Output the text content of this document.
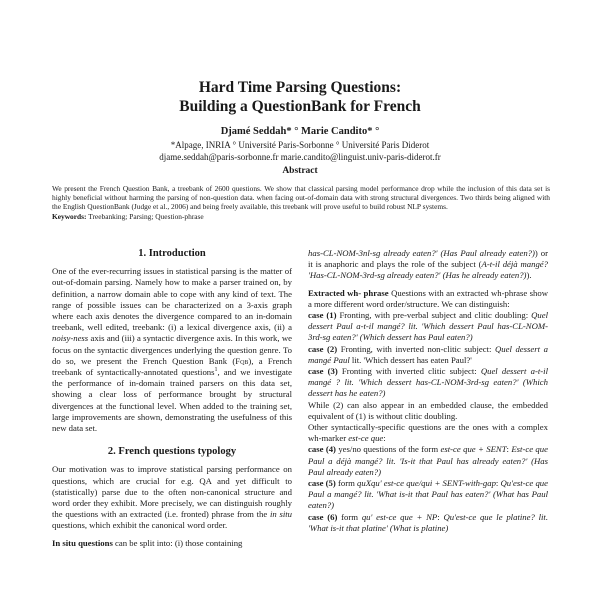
Hard Time Parsing Questions:
Building a QuestionBank for French
Djamé Seddah* ° Marie Candito* °
*Alpage, INRIA ° Université Paris-Sorbonne ° Université Paris Diderot
djame.seddah@paris-sorbonne.fr marie.candito@linguist.univ-paris-diderot.fr
Abstract

We present the French Question Bank, a treebank of 2600 questions. We show that classical parsing model performance drop while the inclusion of this data set is highly beneficial without harming the parsing of non-question data. when facing out-of-domain data with strong structural divergences. Two thirds being aligned with the English QuestionBank (Judge et al., 2006) and being freely available, this treebank will prove useful to build robust NLP systems.

Keywords: Treebanking; Parsing; Question-phrase

1. Introduction

One of the ever-recurring issues in statistical parsing is the matter of out-of-domain parsing. Namely how to make a parser trained on, by definition, a narrow domain able to cope with any kind of text. The range of possible issues can be characterized on a 3-axis graph where each axis denotes the divergence compared to an in-domain treebank, well edited, treebank: (i) a lexical divergence axis, (ii) a noisy-ness axis and (iii) a syntactic divergence axis. In this work, we focus on the syntactic divergences underlying the question genre. To do so, we present the French Question Bank (Fqb), a French treebank of syntactically-annotated questions$^1$, and we investigate the performance of in-domain trained parsers on this data set, showing a clear loss of performance brought by structural divergences at the functional level. When added to the training set, large improvements are shown, demonstrating the usefulness of this new data set.

2. French questions typology

Our motivation was to improve statistical parsing performance on questions, which are crucial for e.g. QA and yet difficult to (statistically) parse due to the often non-canonical structure and word order they exhibit. More precisely, we can distinguish roughly the questions with an extracted (i.e. fronted) phrase from the in situ questions, which exhibit the canonical word order.

In situ questions can be split into: (i) those containing

has-CL-NOM-3nl-sg already eaten?' (Has Paul already eaten?)) or it is anaphoric and plays the role of the subject (A-t-il déjà mangé? 'Has-CL-NOM-3rd-sg already eaten?' (Has he already eaten?)).

Extracted wh- phrase Questions with an extracted wh-phrase show a more different word order/structure. We can distinguish:

case (1) Fronting, with pre-verbal subject and clitic doubling: Quel dessert Paul a-t-il mangé? lit. 'Which dessert Paul has-CL-NOM-3rd-sg eaten?' (Which dessert has Paul eaten?)

case (2) Fronting, with inverted non-clitic subject: Quel dessert a mangé Paul lit. 'Which dessert has eaten Paul?'

case (3) Fronting with inverted clitic subject: Quel dessert a-t-il mangé ? lit. 'Which dessert has-CL-NOM-3rd-sg eaten?' (Which dessert has he eaten?)

While (2) can also appear in an embedded clause, the embedded equivalent of (1) is without clitic doubling.

Other syntactically-specific questions are the ones with a complex wh-marker est-ce que:

case (4) yes/no questions of the form est-ce que + SENT: Est-ce que Paul a déjà mangé? lit. 'Is-it that Paul has already eaten?' (Has Paul already eaten?)

case (5) form quXqu' est-ce que/qui + SENT-with-gap: Qu'est-ce que Paul a mangé? lit. 'What is-it that Paul has eaten?' (What has Paul eaten?)

case (6) form qu' est-ce que + NP: Qu'est-ce que le platine? lit. 'What is-it that platine' (What is platine)
